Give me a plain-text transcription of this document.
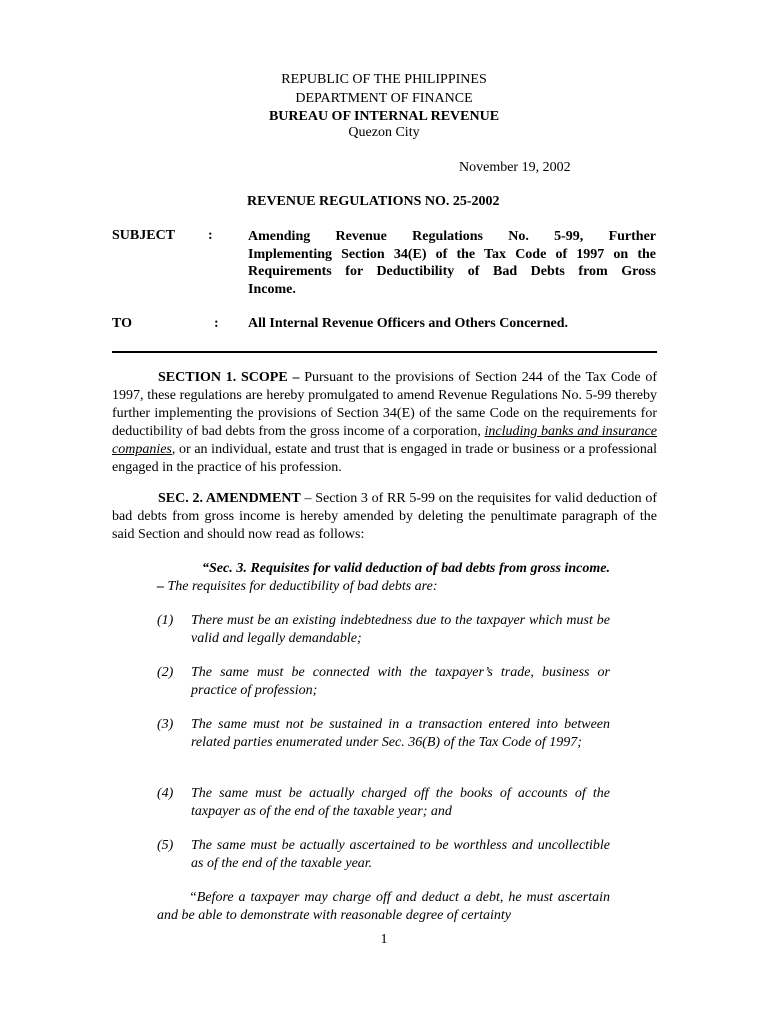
REPUBLIC OF THE PHILIPPINES
DEPARTMENT OF FINANCE
BUREAU OF INTERNAL REVENUE
Quezon City
November 19, 2002
REVENUE REGULATIONS NO. 25-2002
SUBJECT :	Amending Revenue Regulations No. 5-99, Further
Implementing Section 34(E) of the Tax Code of 1997 on the
Requirements for Deductibility of Bad Debts from Gross
Income.
TO	: All Internal Revenue Officers and Others Concerned.
SECTION 1. SCOPE – Pursuant to the provisions of Section 244 of the Tax Code of 1997, these regulations are hereby promulgated to amend Revenue Regulations No. 5-99 thereby further implementing the provisions of Section 34(E) of the same Code on the requirements for deductibility of bad debts from the gross income of a corporation, including banks and insurance companies, or an individual, estate and trust that is engaged in trade or business or a professional engaged in the practice of his profession.
SEC. 2. AMENDMENT – Section 3 of RR 5-99 on the requisites for valid deduction of bad debts from gross income is hereby amended by deleting the penultimate paragraph of the said Section and should now read as follows:
“Sec. 3. Requisites for valid deduction of bad debts from gross income. – The requisites for deductibility of bad debts are:
(1) There must be an existing indebtedness due to the taxpayer which must be valid and legally demandable;
(2) The same must be connected with the taxpayer’s trade, business or practice of profession;
(3) The same must not be sustained in a transaction entered into between related parties enumerated under Sec. 36(B) of the Tax Code of 1997;
(4) The same must be actually charged off the books of accounts of the taxpayer as of the end of the taxable year; and
(5) The same must be actually ascertained to be worthless and uncollectible as of the end of the taxable year.
“Before a taxpayer may charge off and deduct a debt, he must ascertain and be able to demonstrate with reasonable degree of certainty
1
